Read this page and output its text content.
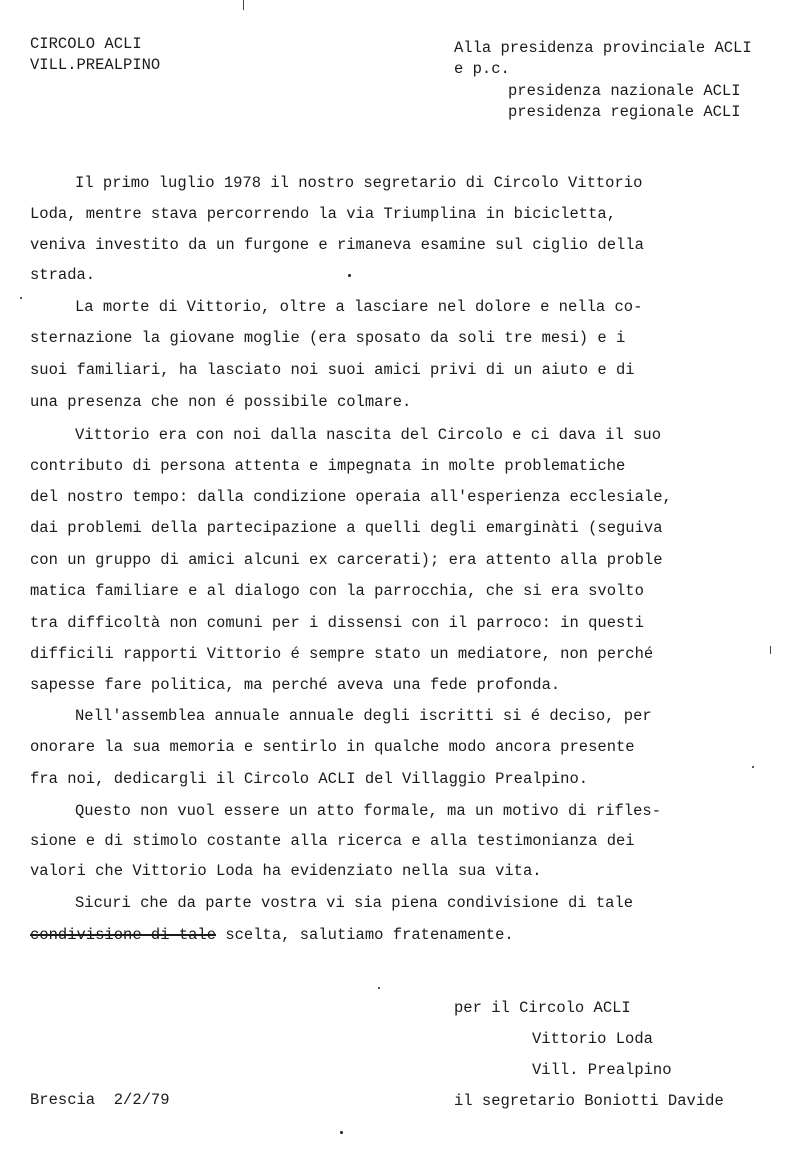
CIRCOLO ACLI
VILL.PREALPINO
Alla presidenza provinciale ACLI
e p.c.
presidenza nazionale ACLI
presidenza regionale ACLI
Il primo luglio 1978 il nostro segretario di Circolo Vittorio
Loda, mentre stava percorrendo la via Triumplina in bicicletta,
veniva investito da un furgone e rimaneva esamine sul ciglio della
strada.
La morte di Vittorio, oltre a lasciare nel dolore e nella co-
sternazione la giovane moglie (era sposato da soli tre mesi) e i
suoi familiari, ha lasciato noi suoi amici privi di un aiuto e di
una presenza che non é possibile colmare.
Vittorio era con noi dalla nascita del Circolo e ci dava il suo
contributo di persona attenta e impegnata in molte problematiche
del nostro tempo: dalla condizione operaia all'esperienza ecclesiale,
dai problemi della partecipazione a quelli degli emarginàti (seguiva
con un gruppo di amici alcuni ex carcerati); era attento alla proble
matica familiare e al dialogo con la parrocchia, che si era svolto
tra difficoltà non comuni per i dissensi con il parroco: in questi
difficili rapporti Vittorio é sempre stato un mediatore, non perché
sapesse fare politica, ma perché aveva una fede profonda.
Nell'assemblea annuale annuale degli iscritti si é deciso, per
onorare la sua memoria e sentirlo in qualche modo ancora presente
fra noi, dedicargli il Circolo ACLI del Villaggio Prealpino.
Questo non vuol essere un atto formale, ma un motivo di rifles-
sione e di stimolo costante alla ricerca e alla testimonianza dei
valori che Vittorio Loda ha evidenziato nella sua vita.
Sicuri che da parte vostra vi sia piena condivisione di tale
condivisione di tale scelta, salutiamo fratenamente.
per il Circolo ACLI
Vittorio Loda
Vill. Prealpino
il segretario Boniotti Davide
Brescia  2/2/79
